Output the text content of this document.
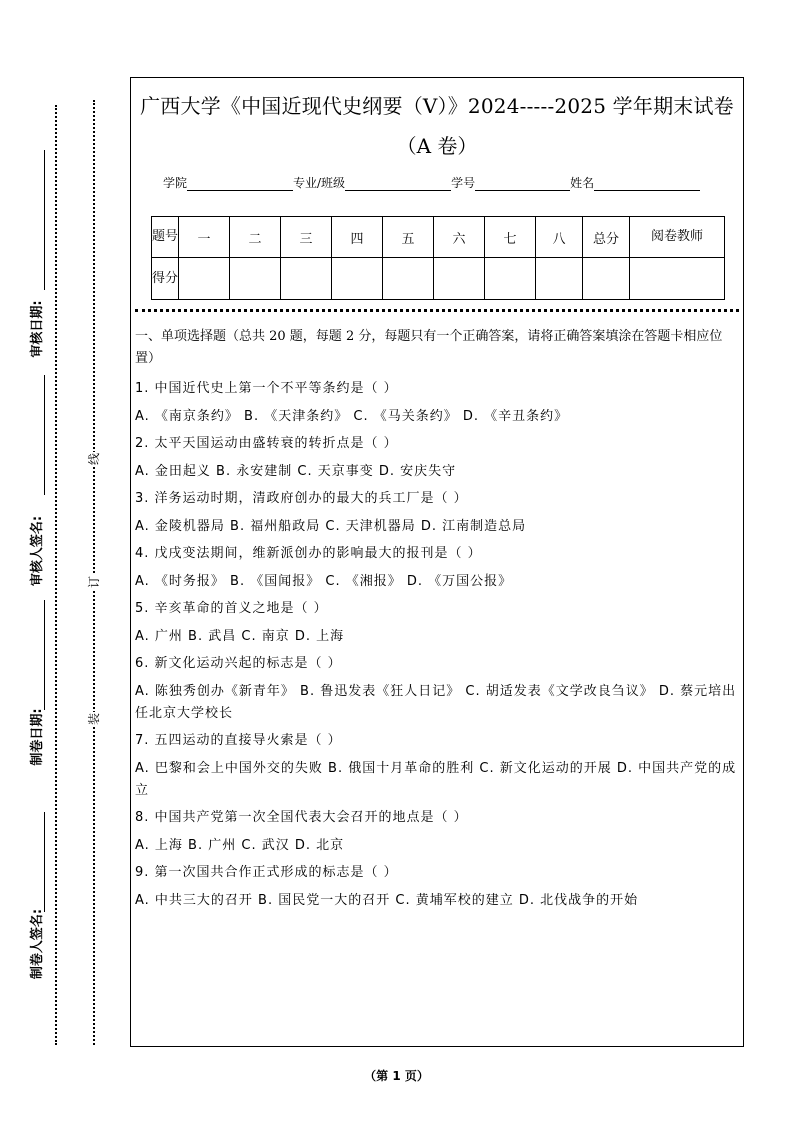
审核日期:
审核人签名:
制卷日期:
制卷人签名:
线
订
装
广西大学《中国近现代史纲要（V）》2024-----2025 学年期末试卷
（A 卷）
学院	专业/班级	学号	姓名
题号	一	二	三	四	五	六	七	八	总分	阅卷教师
得分										

一、单项选择题（总共 20 题，每题 2 分，每题只有一个正确答案，请将正确答案填涂在答题卡相应位置）

1. 中国近代史上第一个不平等条约是（ ）

A. 《南京条约》 B. 《天津条约》 C. 《马关条约》 D. 《辛丑条约》

2. 太平天国运动由盛转衰的转折点是（ ）

A. 金田起义 B. 永安建制 C. 天京事变 D. 安庆失守

3. 洋务运动时期，清政府创办的最大的兵工厂是（ ）

A. 金陵机器局 B. 福州船政局 C. 天津机器局 D. 江南制造总局

4. 戊戌变法期间，维新派创办的影响最大的报刊是（ ）

A. 《时务报》 B. 《国闻报》 C. 《湘报》 D. 《万国公报》

5. 辛亥革命的首义之地是（ ）

A. 广州 B. 武昌 C. 南京 D. 上海

6. 新文化运动兴起的标志是（ ）

A. 陈独秀创办《新青年》 B. 鲁迅发表《狂人日记》 C. 胡适发表《文学改良刍议》 D. 蔡元培出任北京大学校长

7. 五四运动的直接导火索是（ ）

A. 巴黎和会上中国外交的失败 B. 俄国十月革命的胜利 C. 新文化运动的开展 D. 中国共产党的成立

8. 中国共产党第一次全国代表大会召开的地点是（ ）

A. 上海 B. 广州 C. 武汉 D. 北京

9. 第一次国共合作正式形成的标志是（ ）

A. 中共三大的召开 B. 国民党一大的召开 C. 黄埔军校的建立 D. 北伐战争的开始

（第 1 页）
